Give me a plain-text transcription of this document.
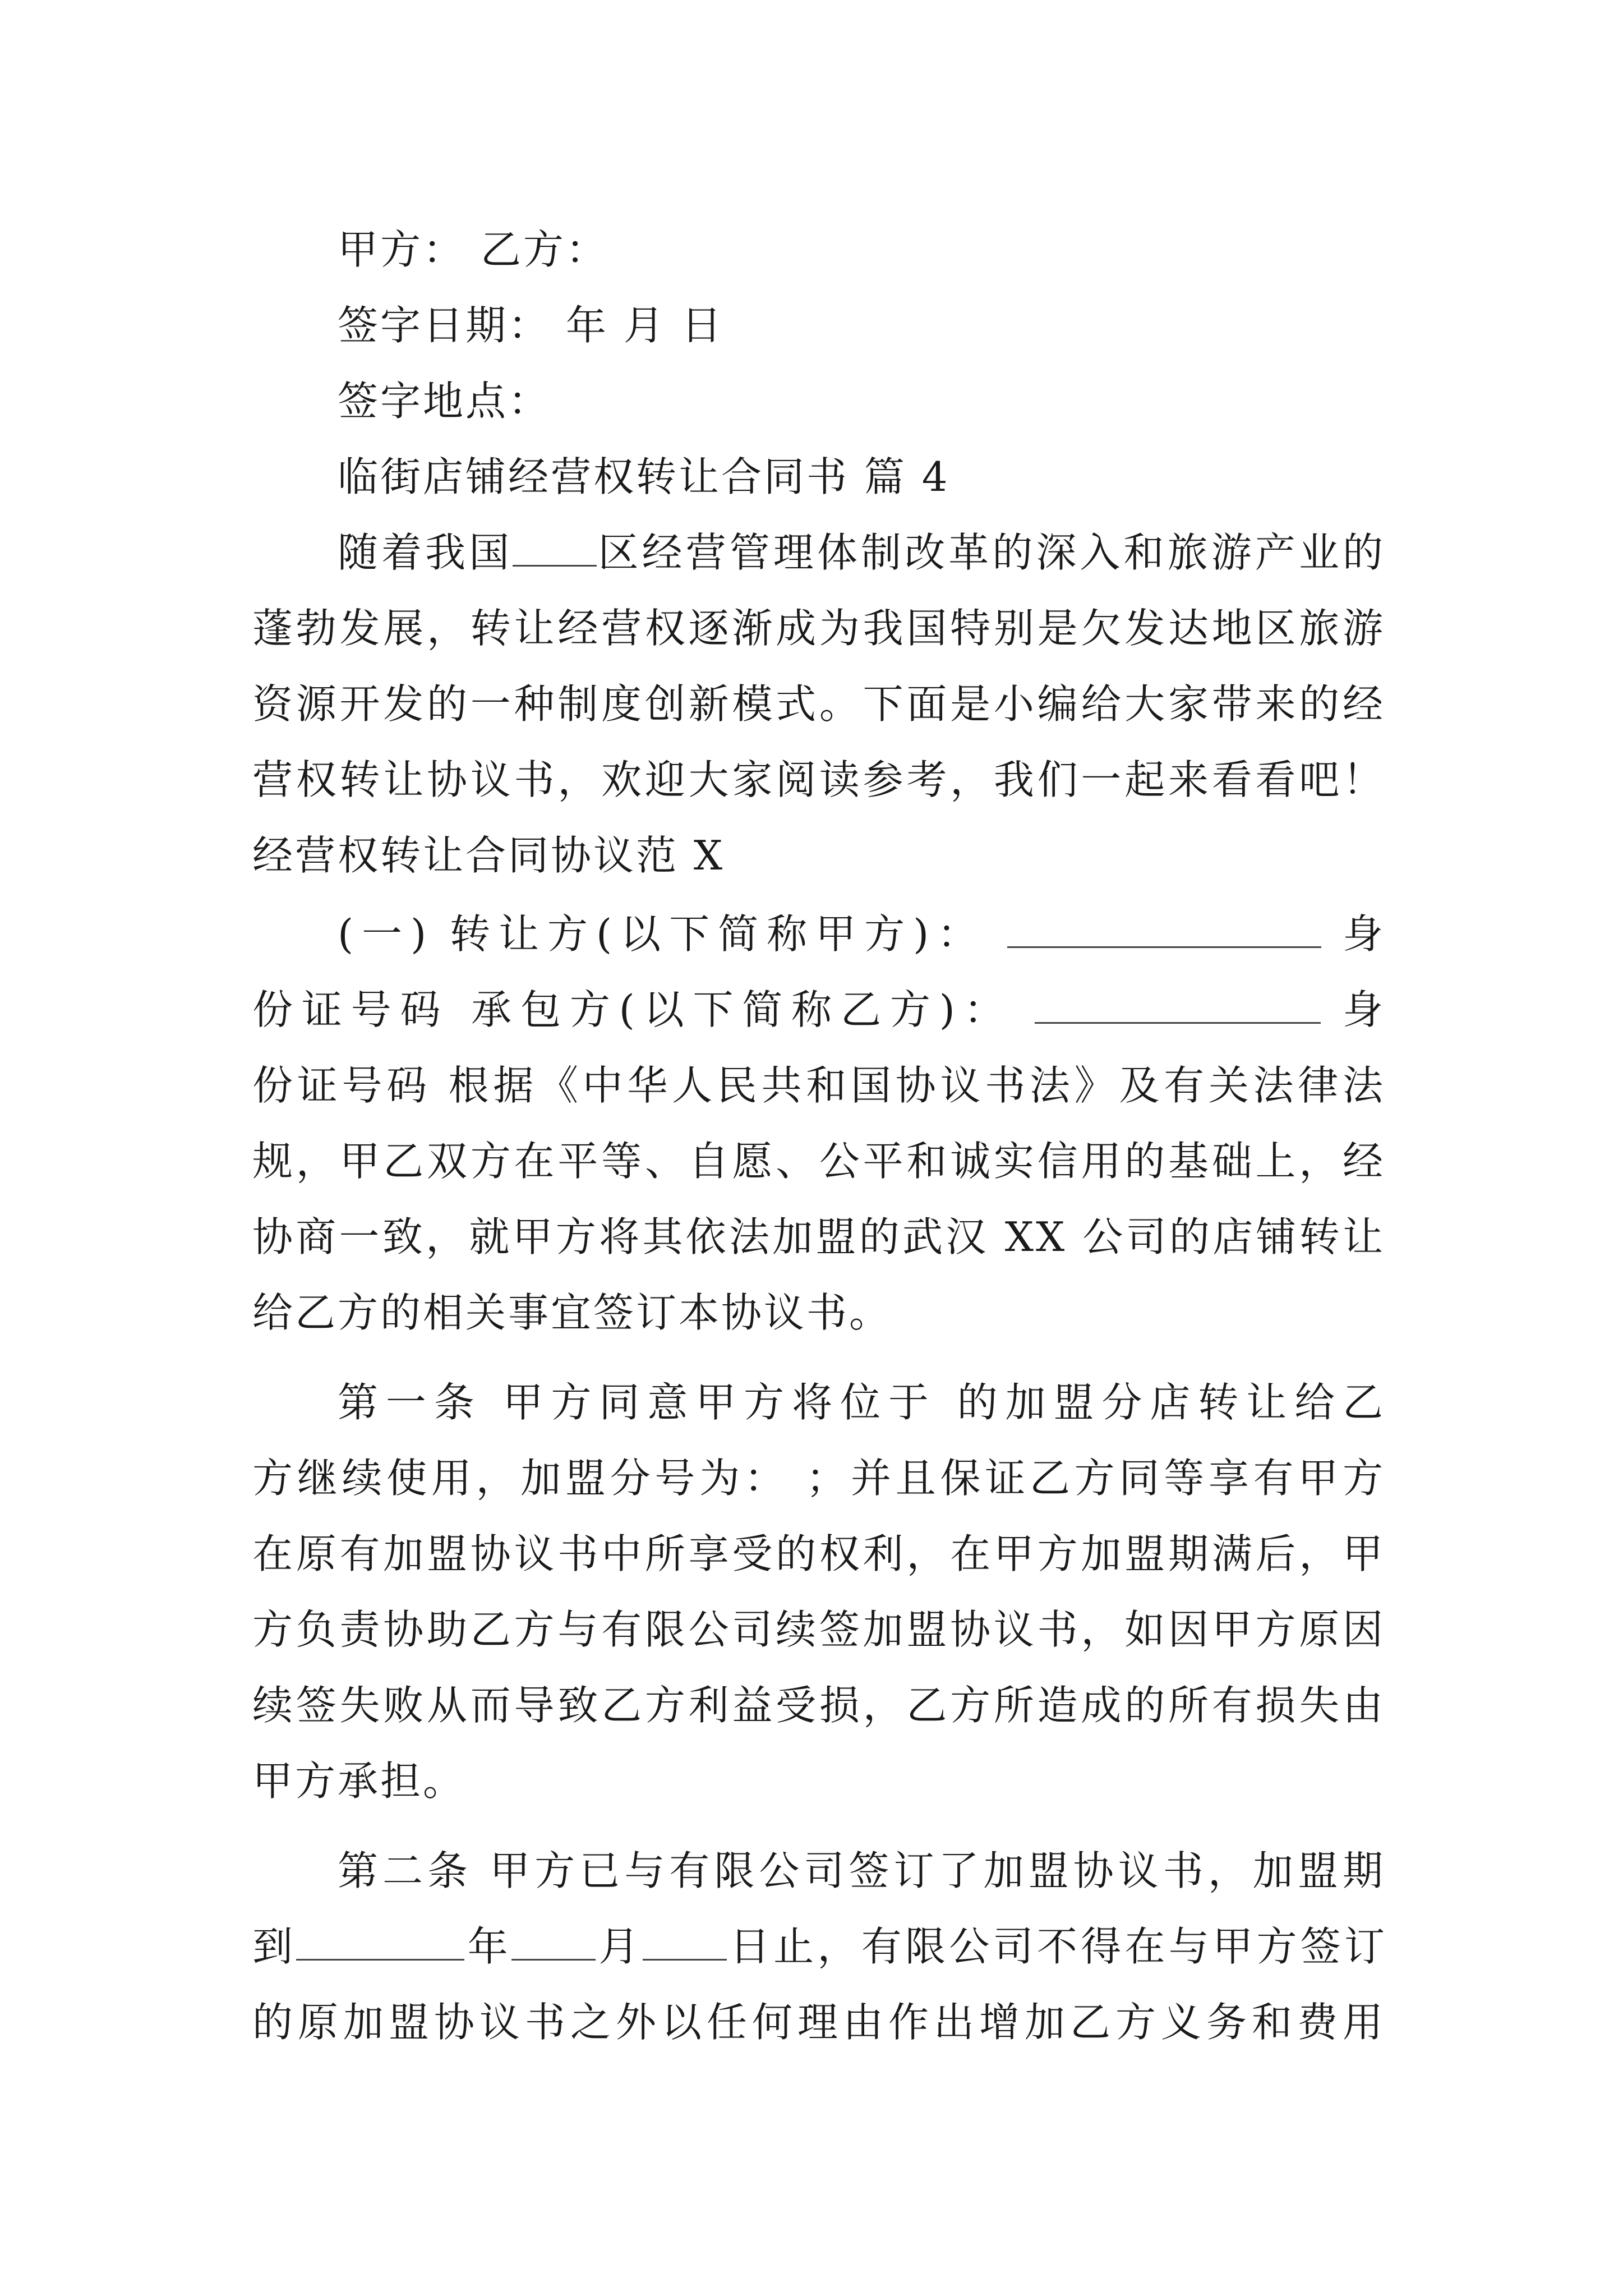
甲方： 乙方：
签字日期： 年 月 日
签字地点：
临街店铺经营权转让合同书 篇 4
随着我国 区经营管理体制改革的深入和旅游产业的
蓬勃发展，转让经营权逐渐成为我国特别是欠发达地区旅游
资源开发的一种制度创新模式。下面是小编给大家带来的经
营权转让协议书，欢迎大家阅读参考，我们一起来看看吧！
经营权转让合同协议范 X
(一) 转让方(以下简称甲方)：	身
份证号码 承包方(以下简称乙方)：	身
份证号码 根据《中华人民共和国协议书法》及有关法律法
规，甲乙双方在平等、自愿、公平和诚实信用的基础上，经
协商一致，就甲方将其依法加盟的武汉 XX 公司的店铺转让
给乙方的相关事宜签订本协议书。
第一条 甲方同意甲方将位于 的加盟分店转让给乙
方继续使用，加盟分号为： ；并且保证乙方同等享有甲方
在原有加盟协议书中所享受的权利，在甲方加盟期满后，甲
方负责协助乙方与有限公司续签加盟协议书，如因甲方原因
续签失败从而导致乙方利益受损，乙方所造成的所有损失由
甲方承担。
第二条 甲方已与有限公司签订了加盟协议书，加盟期
到	年 月 日止，有限公司不得在与甲方签订
的原加盟协议书之外以任何理由作出增加乙方义务和费用
